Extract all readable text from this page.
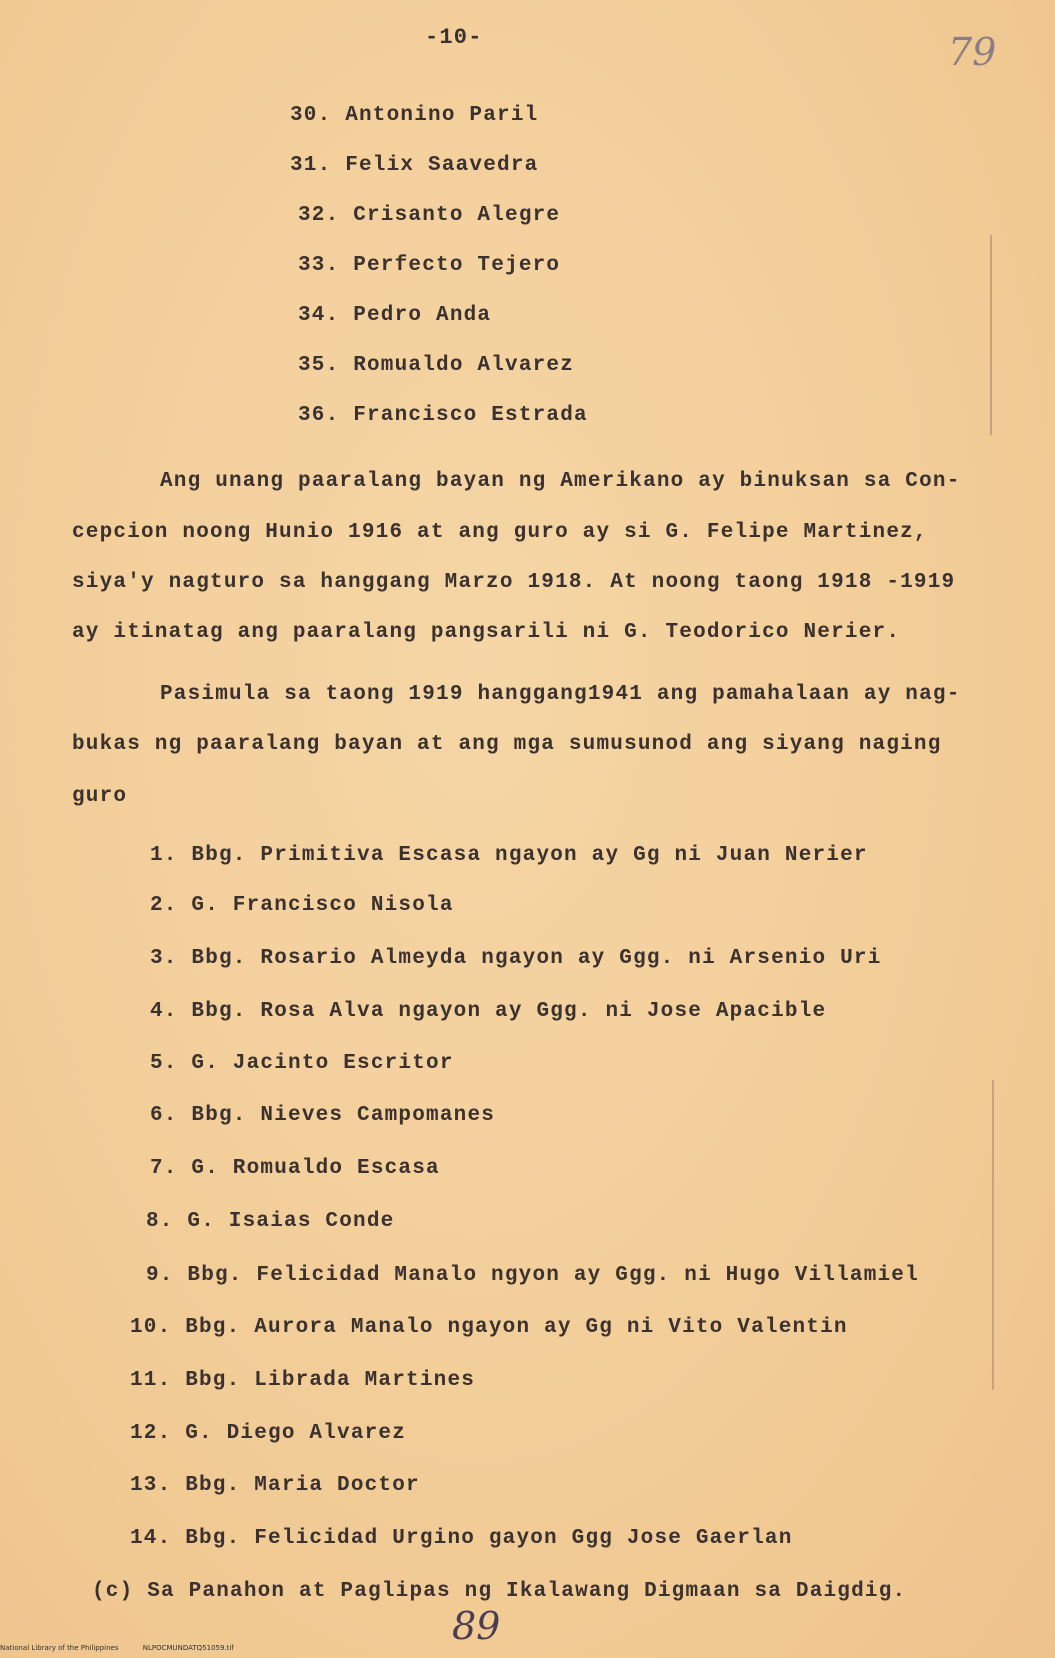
-10-	79
30. Antonino Paril
31. Felix Saavedra
32. Crisanto Alegre
33. Perfecto Tejero
34. Pedro Anda
35. Romualdo Alvarez
36. Francisco Estrada
Ang unang paaralang bayan ng Amerikano ay binuksan sa Con-
cepcion noong Hunio 1916 at ang guro ay si G. Felipe Martinez,
siya'y nagturo sa hanggang Marzo 1918. At noong taong 1918 -1919
ay itinatag ang paaralang pangsarili ni G. Teodorico Nerier.
Pasimula sa taong 1919 hanggang1941 ang pamahalaan ay nag-
bukas ng paaralang bayan at ang mga sumusunod ang siyang naging
guro
1. Bbg. Primitiva Escasa ngayon ay Gg ni Juan Nerier
2. G. Francisco Nisola
3. Bbg. Rosario Almeyda ngayon ay Ggg. ni Arsenio Uri
4. Bbg. Rosa Alva ngayon ay Ggg. ni Jose Apacible
5. G. Jacinto Escritor
6. Bbg. Nieves Campomanes
7. G. Romualdo Escasa
8. G. Isaias Conde
9. Bbg. Felicidad Manalo ngyon ay Ggg. ni Hugo Villamiel
10. Bbg. Aurora Manalo ngayon ay Gg ni Vito Valentin
11. Bbg. Librada Martines
12. G. Diego Alvarez
13. Bbg. Maria Doctor
14. Bbg. Felicidad Urgino gayon Ggg Jose Gaerlan
(c) Sa Panahon at Paglipas ng Ikalawang Digmaan sa Daigdig.
89
National Library of the Philippines	NLPOCMUNDATQ51059.tif
